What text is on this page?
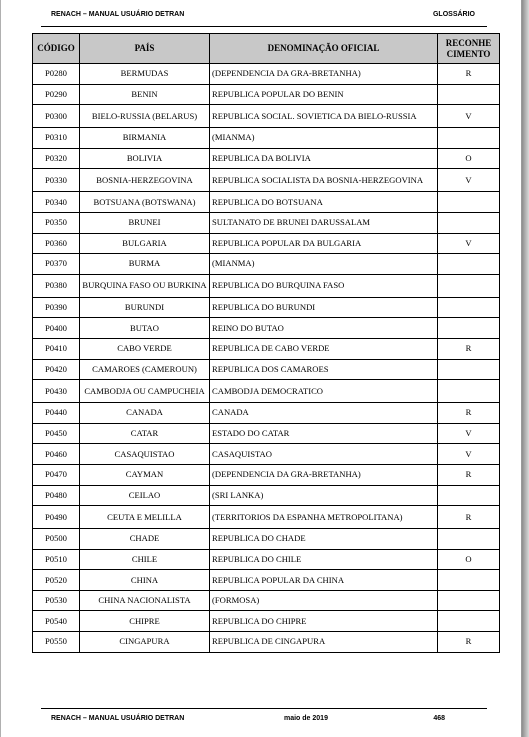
RENACH – MANUAL USUÁRIO DETRAN	GLOSSÁRIO
CÓDIGO	PAÍS	DENOMINAÇÃO OFICIAL	RECONHE CIMENTO
P0280	BERMUDAS	(DEPENDENCIA DA GRA-BRETANHA)	R
P0290	BENIN	REPUBLICA POPULAR DO BENIN	
P0300	BIELO-RUSSIA (BELARUS)	REPUBLICA SOCIAL. SOVIETICA DA BIELO-RUSSIA	V
P0310	BIRMANIA	(MIANMA)	
P0320	BOLIVIA	REPUBLICA DA BOLIVIA	O
P0330	BOSNIA-HERZEGOVINA	REPUBLICA SOCIALISTA DA BOSNIA-HERZEGOVINA	V
P0340	BOTSUANA (BOTSWANA)	REPUBLICA DO BOTSUANA	
P0350	BRUNEI	SULTANATO DE BRUNEI DARUSSALAM	
P0360	BULGARIA	REPUBLICA POPULAR DA BULGARIA	V
P0370	BURMA	(MIANMA)	
P0380	BURQUINA FASO OU BURKINA	REPUBLICA DO BURQUINA FASO	
P0390	BURUNDI	REPUBLICA DO BURUNDI	
P0400	BUTAO	REINO DO BUTAO	
P0410	CABO VERDE	REPUBLICA DE CABO VERDE	R
P0420	CAMAROES (CAMEROUN)	REPUBLICA DOS CAMAROES	
P0430	CAMBODJA OU CAMPUCHEIA	CAMBODJA DEMOCRATICO	
P0440	CANADA	CANADA	R
P0450	CATAR	ESTADO DO CATAR	V
P0460	CASAQUISTAO	CASAQUISTAO	V
P0470	CAYMAN	(DEPENDENCIA DA GRA-BRETANHA)	R
P0480	CEILAO	(SRI LANKA)	
P0490	CEUTA E MELILLA	(TERRITORIOS DA ESPANHA METROPOLITANA)	R
P0500	CHADE	REPUBLICA DO CHADE	
P0510	CHILE	REPUBLICA DO CHILE	O
P0520	CHINA	REPUBLICA POPULAR DA CHINA	
P0530	CHINA NACIONALISTA	(FORMOSA)	
P0540	CHIPRE	REPUBLICA DO CHIPRE	
P0550	CINGAPURA	REPUBLICA DE CINGAPURA	R
RENACH – MANUAL USUÁRIO DETRAN	maio de 2019	468
